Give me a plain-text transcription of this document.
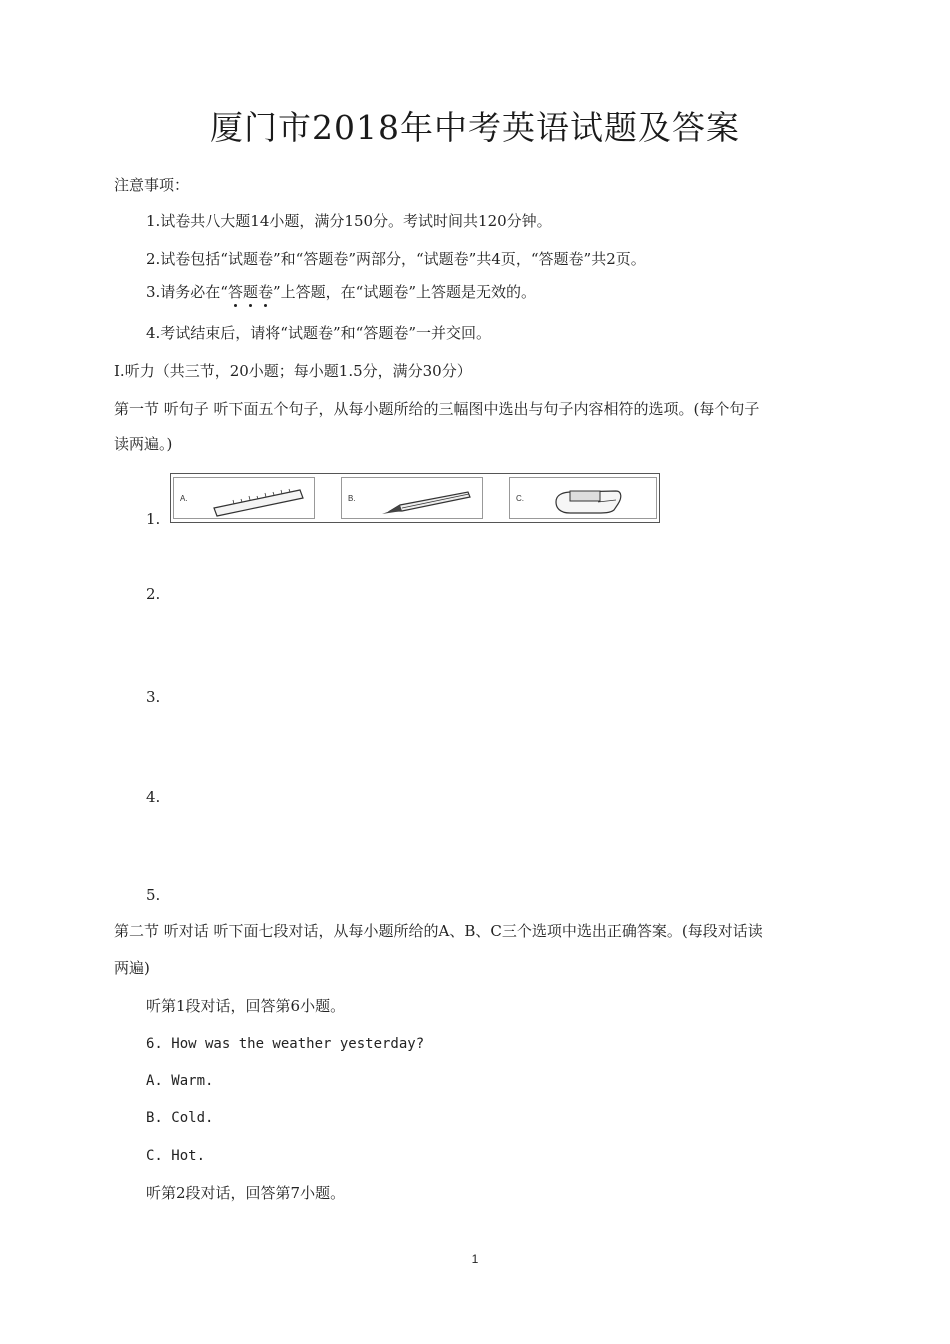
厦门市2018年中考英语试题及答案
注意事项：
1.试卷共八大题14小题，满分150分。考试时间共120分钟。
2.试卷包括“试题卷”和“答题卷”两部分，“试题卷”共4页，“答题卷”共2页。
3.请务必在“答题卷
”上答题，在“试题卷”上答题是无效的。
4.考试结束后，请将“试题卷”和“答题卷”一并交回。
Ⅰ.听力（共三节，20小题；每小题1.5分，满分30分）
第一节 听句子 听下面五个句子，从每小题所给的三幅图中选出与句子内容相符的选项。(每个句子
读两遍。)
1.
A.	B.	C.
2.
3.
4.
5.
第二节 听对话 听下面七段对话，从每小题所给的A、B、C三个选项中选出正确答案。(每段对话读
两遍)
听第1段对话，回答第6小题。
6. How was the weather yesterday?
A. Warm.
B. Cold.
C. Hot.
听第2段对话，回答第7小题。
1
